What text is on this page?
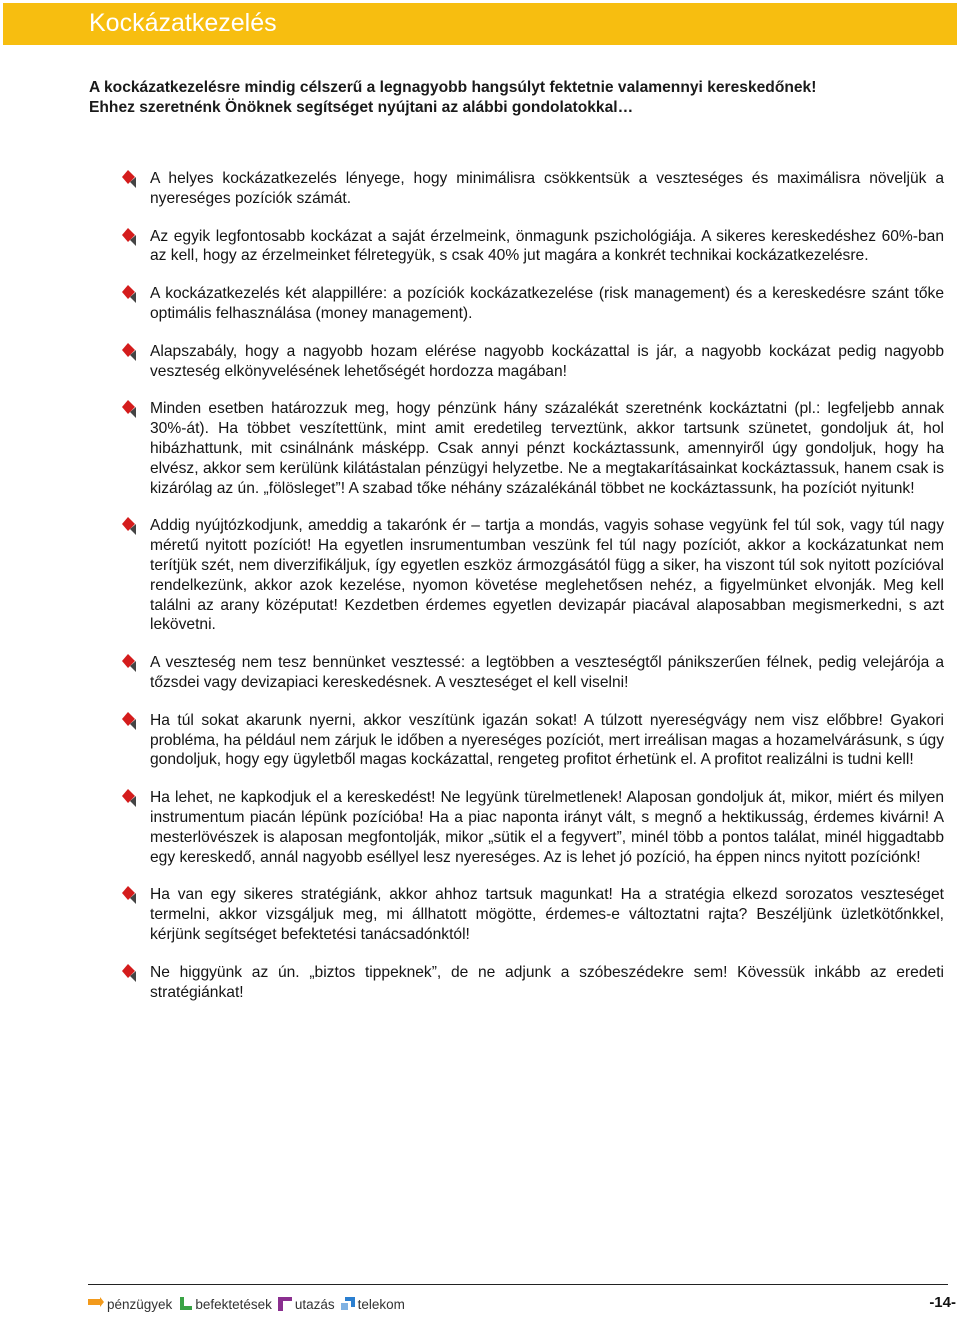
Kockázatkezelés
A kockázatkezelésre mindig célszerű a legnagyobb hangsúlyt fektetnie valamennyi kereskedőnek!
Ehhez szeretnénk Önöknek segítséget nyújtani az alábbi gondolatokkal…

A helyes kockázatkezelés lényege, hogy minimálisra csökkentsük a veszteséges és maximálisra növeljük a nyereséges pozíciók számát.

Az egyik legfontosabb kockázat a saját érzelmeink, önmagunk pszichológiája. A sikeres kereskedéshez 60%-ban az kell, hogy az érzelmeinket félretegyük, s csak 40% jut magára a konkrét technikai kockázatkezelésre.

A kockázatkezelés két alappillére: a pozíciók kockázatkezelése (risk management) és a kereskedésre szánt tőke optimális felhasználása (money management).

Alapszabály, hogy a nagyobb hozam elérése nagyobb kockázattal is jár, a nagyobb kockázat pedig nagyobb veszteség elkönyvelésének lehetőségét hordozza magában!

Minden esetben határozzuk meg, hogy pénzünk hány százalékát szeretnénk kockáztatni (pl.: legfeljebb annak 30%-át). Ha többet veszítettünk, mint amit eredetileg terveztünk, akkor tartsunk szünetet, gondoljuk át, hol hibázhattunk, mit csinálnánk másképp. Csak annyi pénzt kockáztassunk, amennyiről úgy gondoljuk, hogy ha elvész, akkor sem kerülünk kilátástalan pénzügyi helyzetbe. Ne a megtakarításainkat kockáztassuk, hanem csak is kizárólag az ún. „fölösleget”! A szabad tőke néhány százalékánál többet ne kockáztassunk, ha pozíciót nyitunk!

Addig nyújtózkodjunk, ameddig a takarónk ér – tartja a mondás, vagyis sohase vegyünk fel túl sok, vagy túl nagy méretű nyitott pozíciót! Ha egyetlen insrumentumban veszünk fel túl nagy pozíciót, akkor a kockázatunkat nem terítjük szét, nem diverzifikáljuk, így egyetlen eszköz ármozgásától függ a siker, ha viszont túl sok nyitott pozícióval rendelkezünk, akkor azok kezelése, nyomon követése meglehetősen nehéz, a figyelmünket elvonják. Meg kell találni az arany középutat! Kezdetben érdemes egyetlen devizapár piacával alaposabban megismerkedni, s azt lekövetni.

A veszteség nem tesz bennünket vesztessé: a legtöbben a veszteségtől pánikszerűen félnek, pedig velejárója a tőzsdei vagy devizapiaci kereskedésnek. A veszteséget el kell viselni!

Ha túl sokat akarunk nyerni, akkor veszítünk igazán sokat! A túlzott nyereségvágy nem visz előbbre! Gyakori probléma, ha például nem zárjuk le időben a nyereséges pozíciót, mert irreálisan magas a hozamelvárásunk, s úgy gondoljuk, hogy egy ügyletből magas kockázattal, rengeteg profitot érhetünk el. A profitot realizálni is tudni kell!

Ha lehet, ne kapkodjuk el a kereskedést! Ne legyünk türelmetlenek! Alaposan gondoljuk át, mikor, miért és milyen instrumentum piacán lépünk pozícióba! Ha a piac naponta irányt vált, s megnő a hektikusság, érdemes kivárni! A mesterlövészek is alaposan megfontolják, mikor „sütik el a fegyvert”, minél több a pontos találat, minél higgadtabb egy kereskedő, annál nagyobb eséllyel lesz nyereséges. Az is lehet jó pozíció, ha éppen nincs nyitott pozíciónk!

Ha van egy sikeres stratégiánk, akkor ahhoz tartsuk magunkat! Ha a stratégia elkezd sorozatos veszteséget termelni, akkor vizsgáljuk meg, mi állhatott mögötte, érdemes-e változtatni rajta? Beszéljünk üzletkötőnkkel, kérjünk segítséget befektetési tanácsadónktól!

Ne higgyünk az ún. „biztos tippeknek”, de ne adjunk a szóbeszédekre sem! Kövessük inkább az eredeti stratégiánkat!

pénzügyek befektetések utazás telekom	-14-
